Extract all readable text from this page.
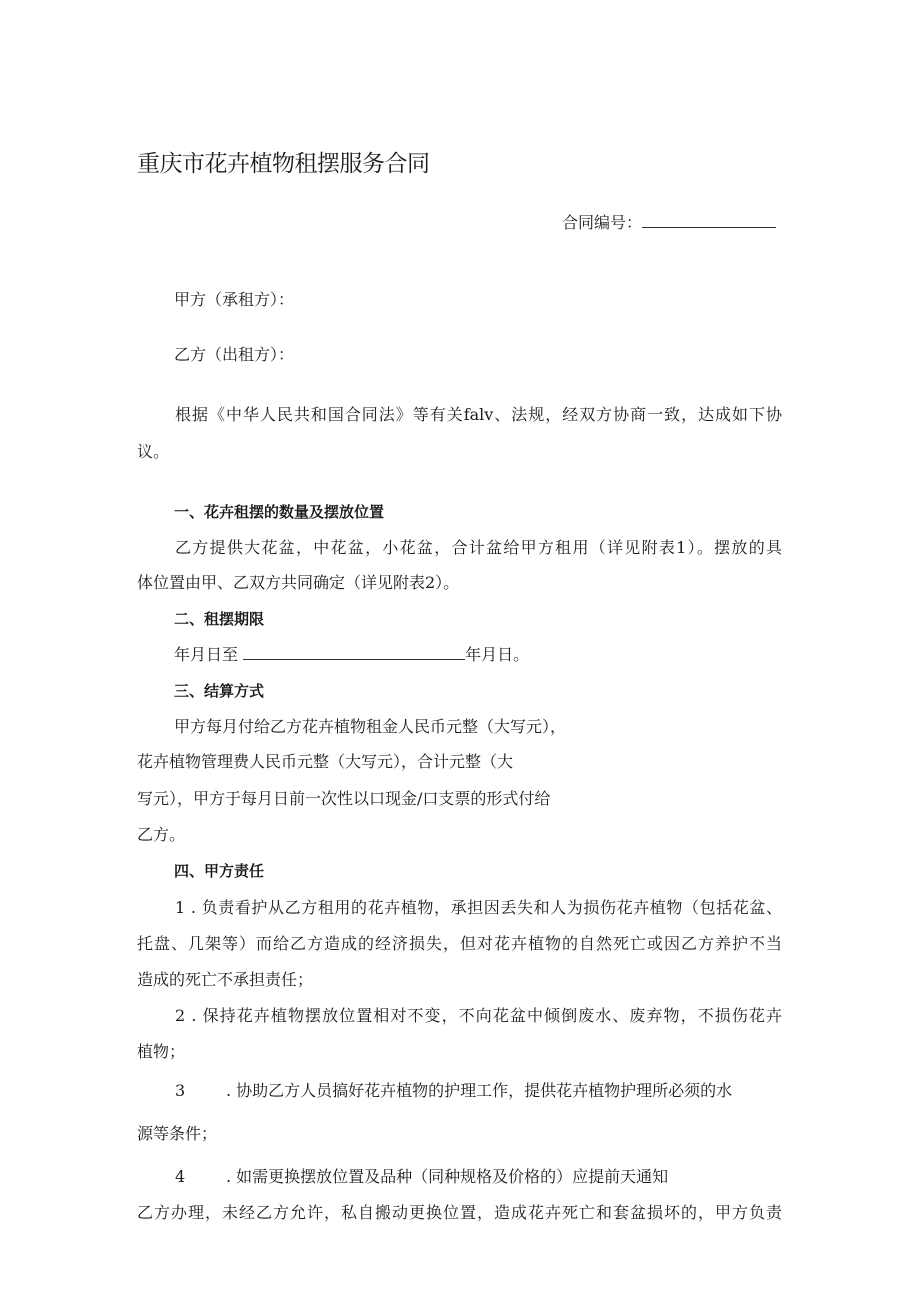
重庆市花卉植物租摆服务合同
合同编号：
甲方（承租方）：
乙方（出租方）：
根据《中华人民共和国合同法》等有关falv、法规，经双方协商一致，达成如下协
议。
一、花卉租摆的数量及摆放位置
乙方提供大花盆，中花盆，小花盆，合计盆给甲方租用（详见附表1）。摆放的具
体位置由甲、乙双方共同确定（详见附表2）。
二、租摆期限
年月日至	年月日。
三、结算方式
甲方每月付给乙方花卉植物租金人民币元整（大写元），
花卉植物管理费人民币元整（大写元），合计元整（大
写元），甲方于每月日前一次性以口现金/口支票的形式付给
乙方。
四、甲方责任
1 . 负责看护从乙方租用的花卉植物，承担因丢失和人为损伤花卉植物（包括花盆、
托盘、几架等）而给乙方造成的经济损失，但对花卉植物的自然死亡或因乙方养护不当
造成的死亡不承担责任；
2 . 保持花卉植物摆放位置相对不变，不向花盆中倾倒废水、废弃物，不损伤花卉
植物；
3	. 协助乙方人员搞好花卉植物的护理工作，提供花卉植物护理所必须的水
源等条件；
4	. 如需更换摆放位置及品种（同种规格及价格的）应提前天通知
乙方办理，未经乙方允许，私自搬动更换位置，造成花卉死亡和套盆损坏的，甲方负责
